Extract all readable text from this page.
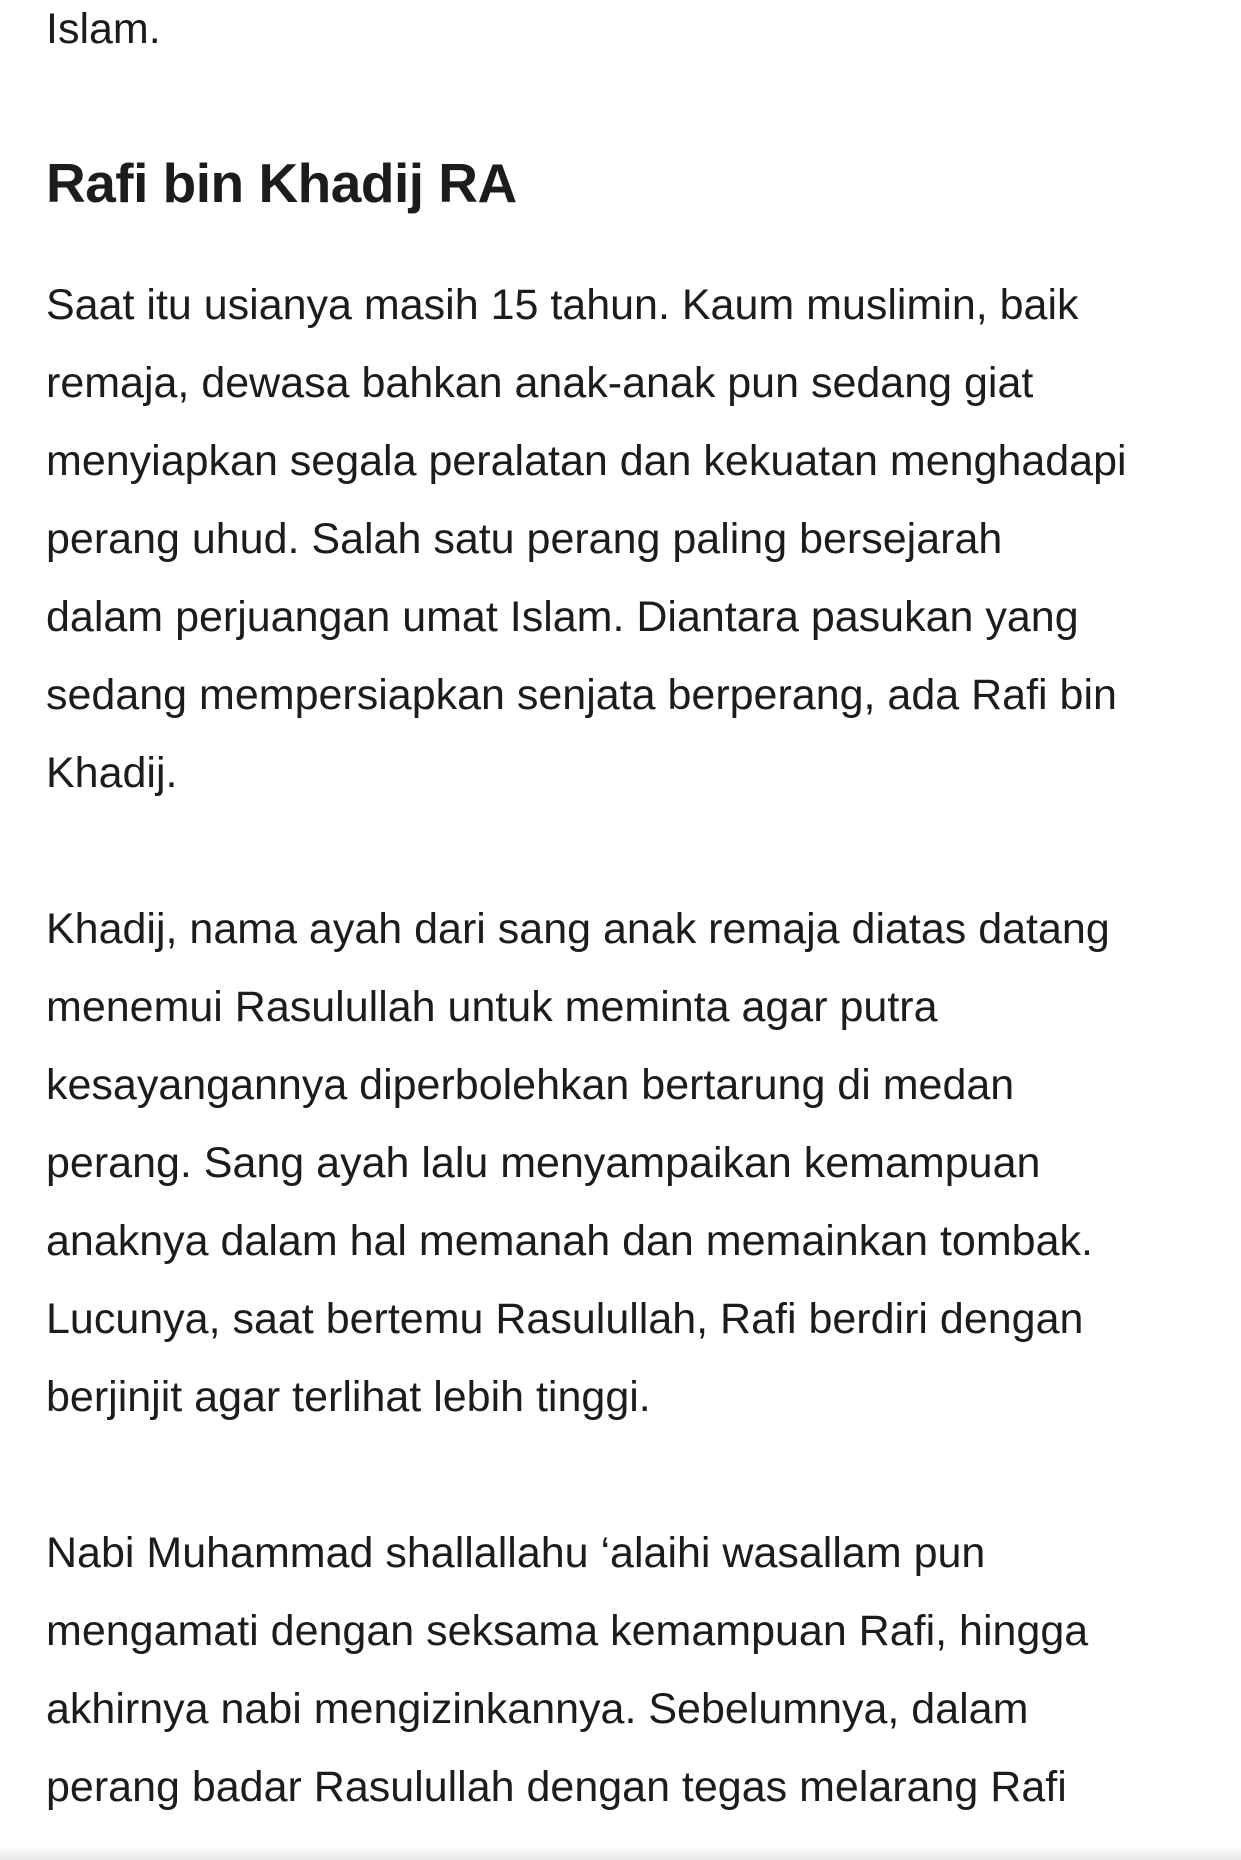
Islam.

Rafi bin Khadij RA

Saat itu usianya masih 15 tahun. Kaum muslimin, baik
remaja, dewasa bahkan anak-anak pun sedang giat
menyiapkan segala peralatan dan kekuatan menghadapi
perang uhud. Salah satu perang paling bersejarah
dalam perjuangan umat Islam. Diantara pasukan yang
sedang mempersiapkan senjata berperang, ada Rafi bin
Khadij.

Khadij, nama ayah dari sang anak remaja diatas datang
menemui Rasulullah untuk meminta agar putra
kesayangannya diperbolehkan bertarung di medan
perang. Sang ayah lalu menyampaikan kemampuan
anaknya dalam hal memanah dan memainkan tombak.
Lucunya, saat bertemu Rasulullah, Rafi berdiri dengan
berjinjit agar terlihat lebih tinggi.

Nabi Muhammad shallallahu ‘alaihi wasallam pun
mengamati dengan seksama kemampuan Rafi, hingga
akhirnya nabi mengizinkannya. Sebelumnya, dalam
perang badar Rasulullah dengan tegas melarang Rafi
